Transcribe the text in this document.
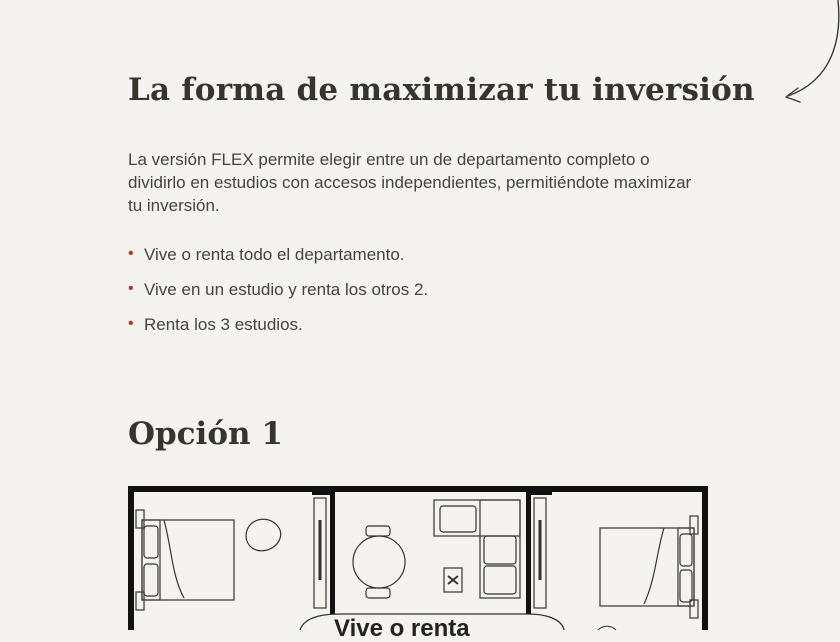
La forma de maximizar tu inversión

La versión FLEX permite elegir entre un de departamento completo o dividirlo en estudios con accesos independientes, permitiéndote maximizar tu inversión.

• Vive o renta todo el departamento.
• Vive en un estudio y renta los otros 2.
• Renta los 3 estudios.
Opción 1
Vive o renta
